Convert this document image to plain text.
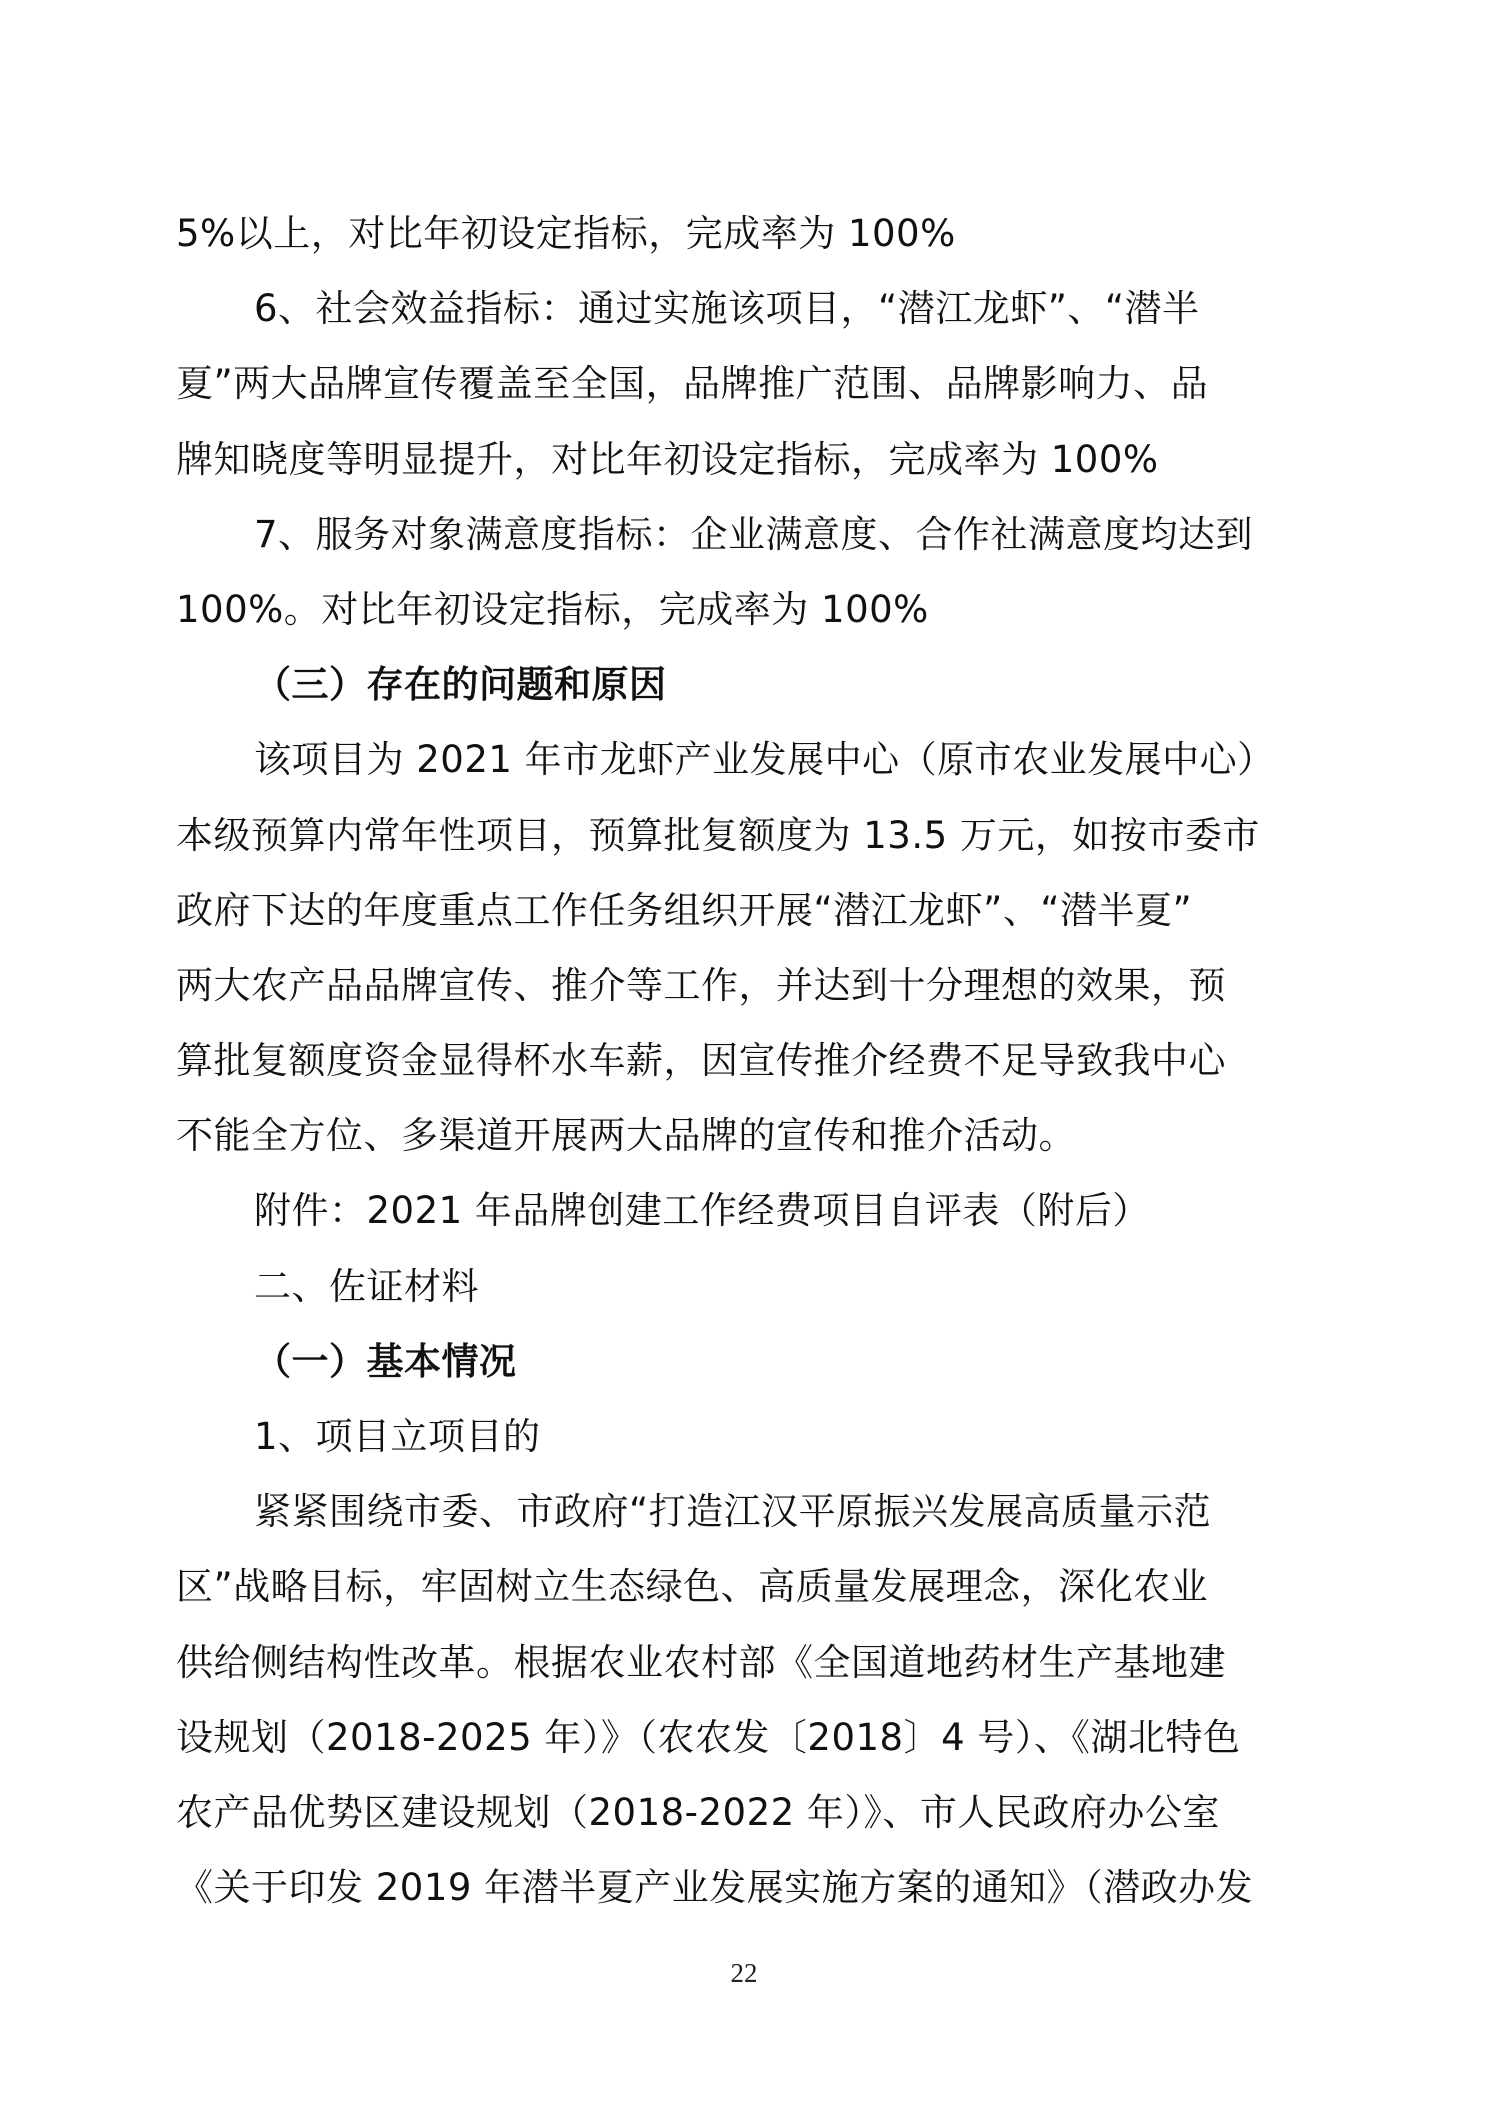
5%以上，对比年初设定指标，完成率为 100%
6、社会效益指标：通过实施该项目，“潜江龙虾”、“潜半
夏”两大品牌宣传覆盖至全国，品牌推广范围、品牌影响力、品
牌知晓度等明显提升，对比年初设定指标，完成率为 100%
7、服务对象满意度指标：企业满意度、合作社满意度均达到
100%。对比年初设定指标，完成率为 100%
（三）存在的问题和原因
该项目为 2021 年市龙虾产业发展中心（原市农业发展中心）
本级预算内常年性项目，预算批复额度为 13.5 万元，如按市委市
政府下达的年度重点工作任务组织开展“潜江龙虾”、“潜半夏”
两大农产品品牌宣传、推介等工作，并达到十分理想的效果，预
算批复额度资金显得杯水车薪，因宣传推介经费不足导致我中心
不能全方位、多渠道开展两大品牌的宣传和推介活动。
附件：2021 年品牌创建工作经费项目自评表（附后）
二、佐证材料
（一）基本情况
1、项目立项目的
紧紧围绕市委、市政府“打造江汉平原振兴发展高质量示范
区”战略目标，牢固树立生态绿色、高质量发展理念，深化农业
供给侧结构性改革。根据农业农村部《全国道地药材生产基地建
设规划（2018-2025 年）》（农农发〔2018〕4 号）、《湖北特色
农产品优势区建设规划（2018-2022 年）》、市人民政府办公室
《关于印发 2019 年潜半夏产业发展实施方案的通知》（潜政办发
22
